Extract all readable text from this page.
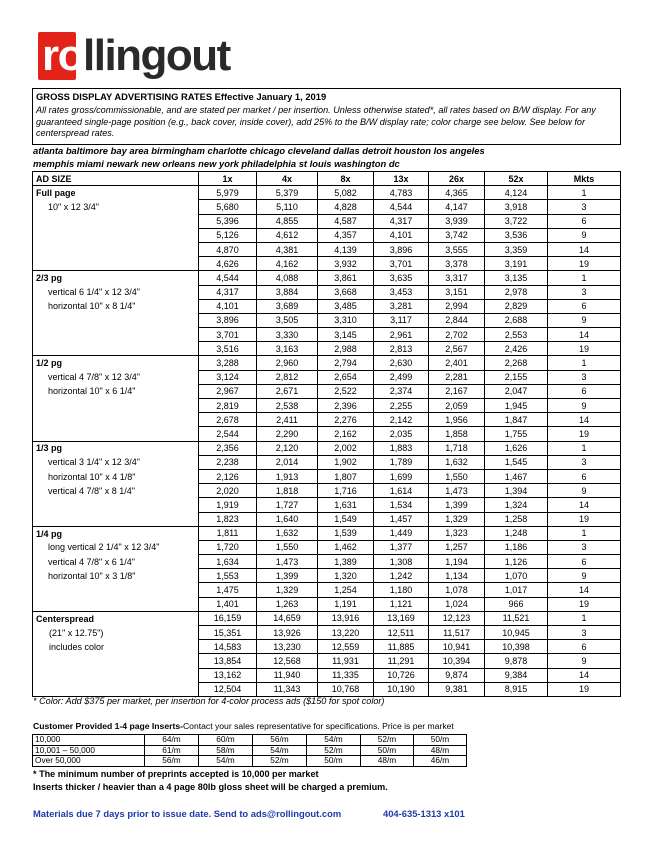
rollingout
GROSS DISPLAY ADVERTISING RATES Effective January 1, 2019
All rates gross/commissionable, and are stated per market / per insertion. Unless otherwise stated*, all rates based on B/W display. For any guaranteed single-page position (e.g., back cover, inside cover), add 25% to the B/W display rate; color charge see below. See below for centerspread rates.
atlanta baltimore bay area birmingham charlotte chicago cleveland dallas detroit houston los angeles
memphis miami newark new orleans new york philadelphia st louis washington dc
AD SIZE	1x	4x	8x	13x	26x	52x	Mkts
Full page	5,979	5,379	5,082	4,783	4,365	4,124	1
10" x 12 3/4"	5,680	5,110	4,828	4,544	4,147	3,918	3
	5,396	4,855	4,587	4,317	3,939	3,722	6
	5,126	4,612	4,357	4,101	3,742	3,536	9
	4,870	4,381	4,139	3,896	3,555	3,359	14
	4,626	4,162	3,932	3,701	3,378	3,191	19
2/3 pg	4,544	4,088	3,861	3,635	3,317	3,135	1
vertical 6 1/4" x 12 3/4"	4,317	3,884	3,668	3,453	3,151	2,978	3
horizontal 10" x 8 1/4"	4,101	3,689	3,485	3,281	2,994	2,829	6
	3,896	3,505	3,310	3,117	2,844	2,688	9
	3,701	3,330	3,145	2,961	2,702	2,553	14
	3,516	3,163	2,988	2,813	2,567	2,426	19
1/2 pg	3,288	2,960	2,794	2,630	2,401	2,268	1
vertical 4 7/8" x 12 3/4"	3,124	2,812	2,654	2,499	2,281	2,155	3
horizontal 10" x 6 1/4"	2,967	2,671	2,522	2,374	2,167	2,047	6
	2,819	2,538	2,396	2,255	2,059	1,945	9
	2,678	2,411	2,276	2,142	1,956	1,847	14
	2,544	2,290	2,162	2,035	1,858	1,755	19
1/3 pg	2,356	2,120	2,002	1,883	1,718	1,626	1
vertical 3 1/4" x 12 3/4"	2,238	2,014	1,902	1,789	1,632	1,545	3
horizontal 10" x 4 1/8"	2,126	1,913	1,807	1,699	1,550	1,467	6
vertical 4 7/8" x 8 1/4"	2,020	1,818	1,716	1,614	1,473	1,394	9
	1,919	1,727	1,631	1,534	1,399	1,324	14
	1,823	1,640	1,549	1,457	1,329	1,258	19
1/4 pg	1,811	1,632	1,539	1,449	1,323	1,248	1
long vertical 2 1/4" x 12 3/4"	1,720	1,550	1,462	1,377	1,257	1,186	3
vertical 4 7/8" x 6 1/4"	1,634	1,473	1,389	1,308	1,194	1,126	6
horizontal 10" x 3 1/8"	1,553	1,399	1,320	1,242	1,134	1,070	9
	1,475	1,329	1,254	1,180	1,078	1,017	14
	1,401	1,263	1,191	1,121	1,024	966	19
Centerspread	16,159	14,659	13,916	13,169	12,123	11,521	1
(21" x 12.75")	15,351	13,926	13,220	12,511	11,517	10,945	3
includes color	14,583	13,230	12,559	11,885	10,941	10,398	6
	13,854	12,568	11,931	11,291	10,394	9,878	9
	13,162	11,940	11,335	10,726	9,874	9,384	14
	12,504	11,343	10,768	10,190	9,381	8,915	19
* Color: Add $375 per market, per insertion for 4-color process ads ($150 for spot color)
Customer Provided 1-4 page Inserts-Contact your sales representative for specifications. Price is per market
10,000	64/m	60/m	56/m	54/m	52/m	50/m
10,001 – 50,000	61/m	58/m	54/m	52/m	50/m	48/m
Over 50,000	56/m	54/m	52/m	50/m	48/m	46/m
* The minimum number of preprints accepted is 10,000 per market
Inserts thicker / heavier than a 4 page 80lb gloss sheet will be charged a premium.
Materials due 7 days prior to issue date. Send to ads@rollingout.com	404-635-1313 x101
